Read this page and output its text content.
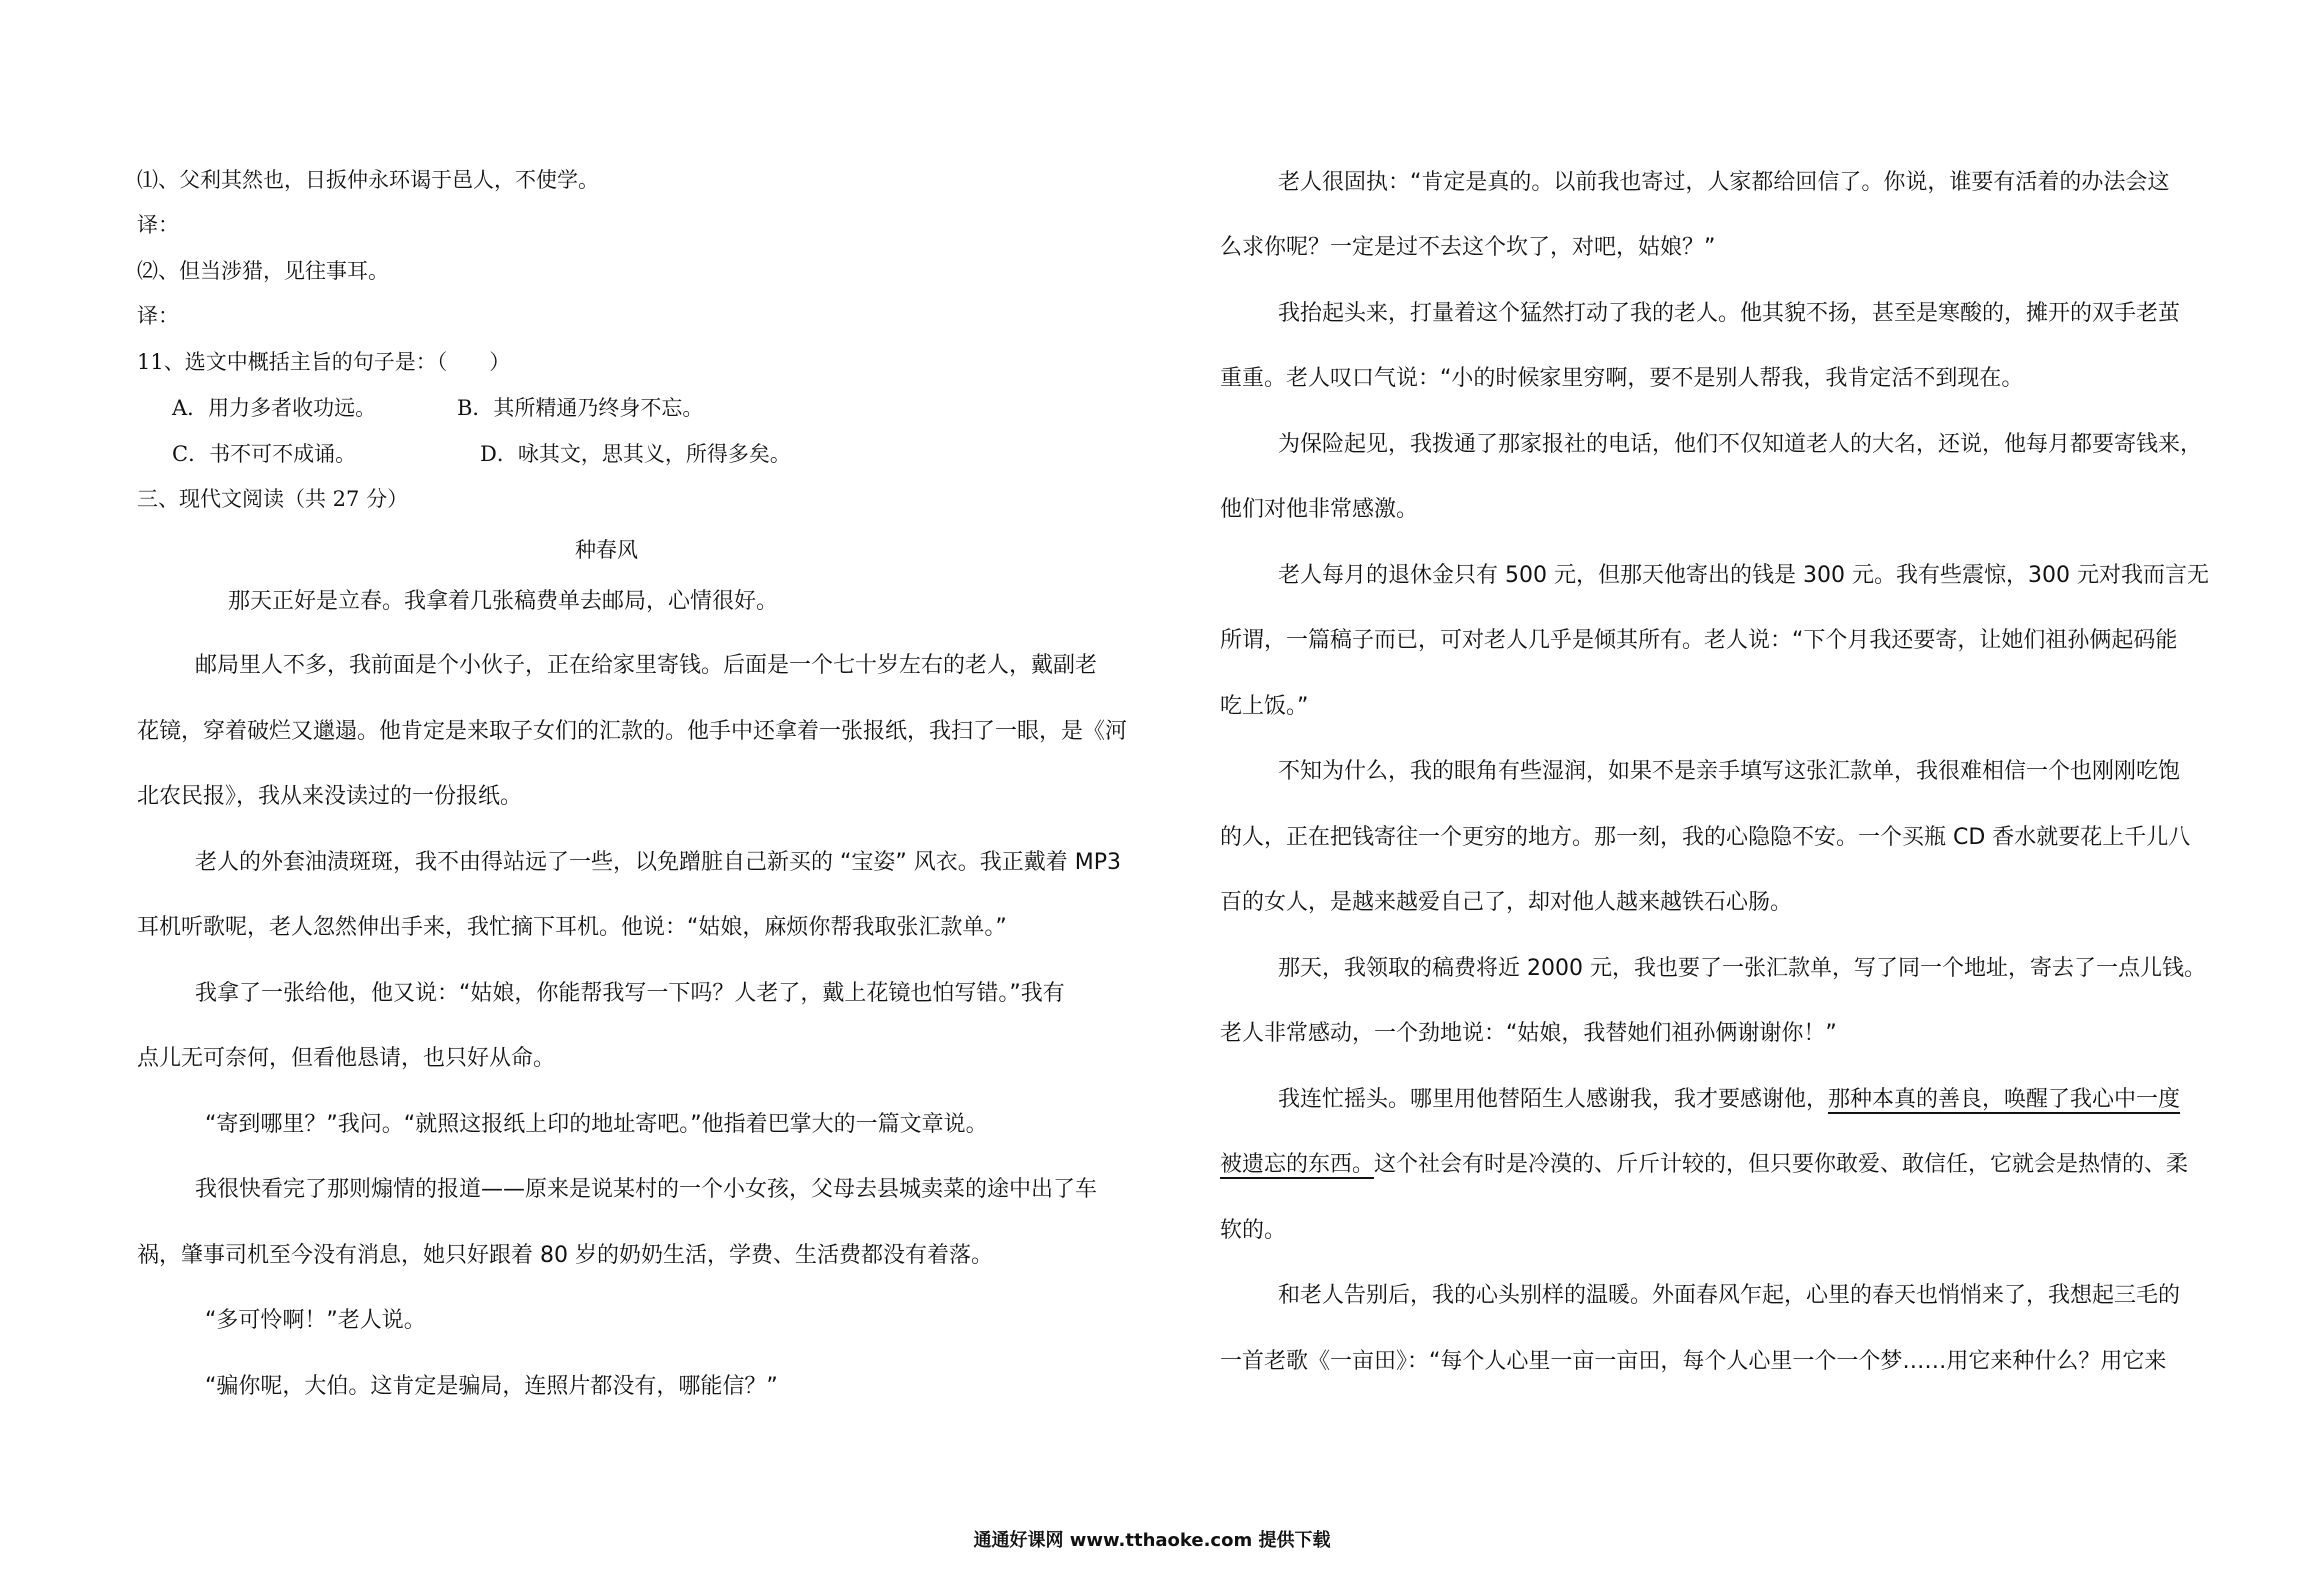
⑴、父利其然也，日扳仲永环谒于邑人，不使学。
译：
⑵、但当涉猎，见往事耳。
译：
11、选文中概括主旨的句子是：（　　）
A．用力多者收功远。	B．其所精通乃终身不忘。
C．书不可不成诵。	D．咏其文，思其义，所得多矣。
三、现代文阅读（共 27 分）
种春风
那天正好是立春。我拿着几张稿费单去邮局，心情很好。
邮局里人不多，我前面是个小伙子，正在给家里寄钱。后面是一个七十岁左右的老人，戴副老
花镜，穿着破烂又邋遢。他肯定是来取子女们的汇款的。他手中还拿着一张报纸，我扫了一眼，是《河
北农民报》，我从来没读过的一份报纸。
老人的外套油渍斑斑，我不由得站远了一些，以免蹭脏自己新买的 “宝姿” 风衣。我正戴着 MP3
耳机听歌呢，老人忽然伸出手来，我忙摘下耳机。他说：“姑娘，麻烦你帮我取张汇款单。”
我拿了一张给他，他又说：“姑娘，你能帮我写一下吗？人老了，戴上花镜也怕写错。”我有
点儿无可奈何，但看他恳请，也只好从命。
“寄到哪里？”我问。“就照这报纸上印的地址寄吧。”他指着巴掌大的一篇文章说。
我很快看完了那则煽情的报道——原来是说某村的一个小女孩，父母去县城卖菜的途中出了车
祸，肇事司机至今没有消息，她只好跟着 80 岁的奶奶生活，学费、生活费都没有着落。
“多可怜啊！”老人说。
“骗你呢，大伯。这肯定是骗局，连照片都没有，哪能信？”
老人很固执：“肯定是真的。以前我也寄过，人家都给回信了。你说，谁要有活着的办法会这
么求你呢？一定是过不去这个坎了，对吧，姑娘？”
我抬起头来，打量着这个猛然打动了我的老人。他其貌不扬，甚至是寒酸的，摊开的双手老茧
重重。老人叹口气说：“小的时候家里穷啊，要不是别人帮我，我肯定活不到现在。
为保险起见，我拨通了那家报社的电话，他们不仅知道老人的大名，还说，他每月都要寄钱来，
他们对他非常感激。
老人每月的退休金只有 500 元，但那天他寄出的钱是 300 元。我有些震惊，300 元对我而言无
所谓，一篇稿子而已，可对老人几乎是倾其所有。老人说：“下个月我还要寄，让她们祖孙俩起码能
吃上饭。”
不知为什么，我的眼角有些湿润，如果不是亲手填写这张汇款单，我很难相信一个也刚刚吃饱
的人，正在把钱寄往一个更穷的地方。那一刻，我的心隐隐不安。一个买瓶 CD 香水就要花上千儿八
百的女人，是越来越爱自己了，却对他人越来越铁石心肠。
那天，我领取的稿费将近 2000 元，我也要了一张汇款单，写了同一个地址，寄去了一点儿钱。
老人非常感动，一个劲地说：“姑娘，我替她们祖孙俩谢谢你！”
我连忙摇头。哪里用他替陌生人感谢我，我才要感谢他，那种本真的善良，唤醒了我心中一度
被遗忘的东西。这个社会有时是冷漠的、斤斤计较的，但只要你敢爱、敢信任，它就会是热情的、柔
软的。
和老人告别后，我的心头别样的温暖。外面春风乍起，心里的春天也悄悄来了，我想起三毛的
一首老歌《一亩田》：“每个人心里一亩一亩田，每个人心里一个一个梦……用它来种什么？用它来
通通好课网 www.tthaoke.com 提供下载
